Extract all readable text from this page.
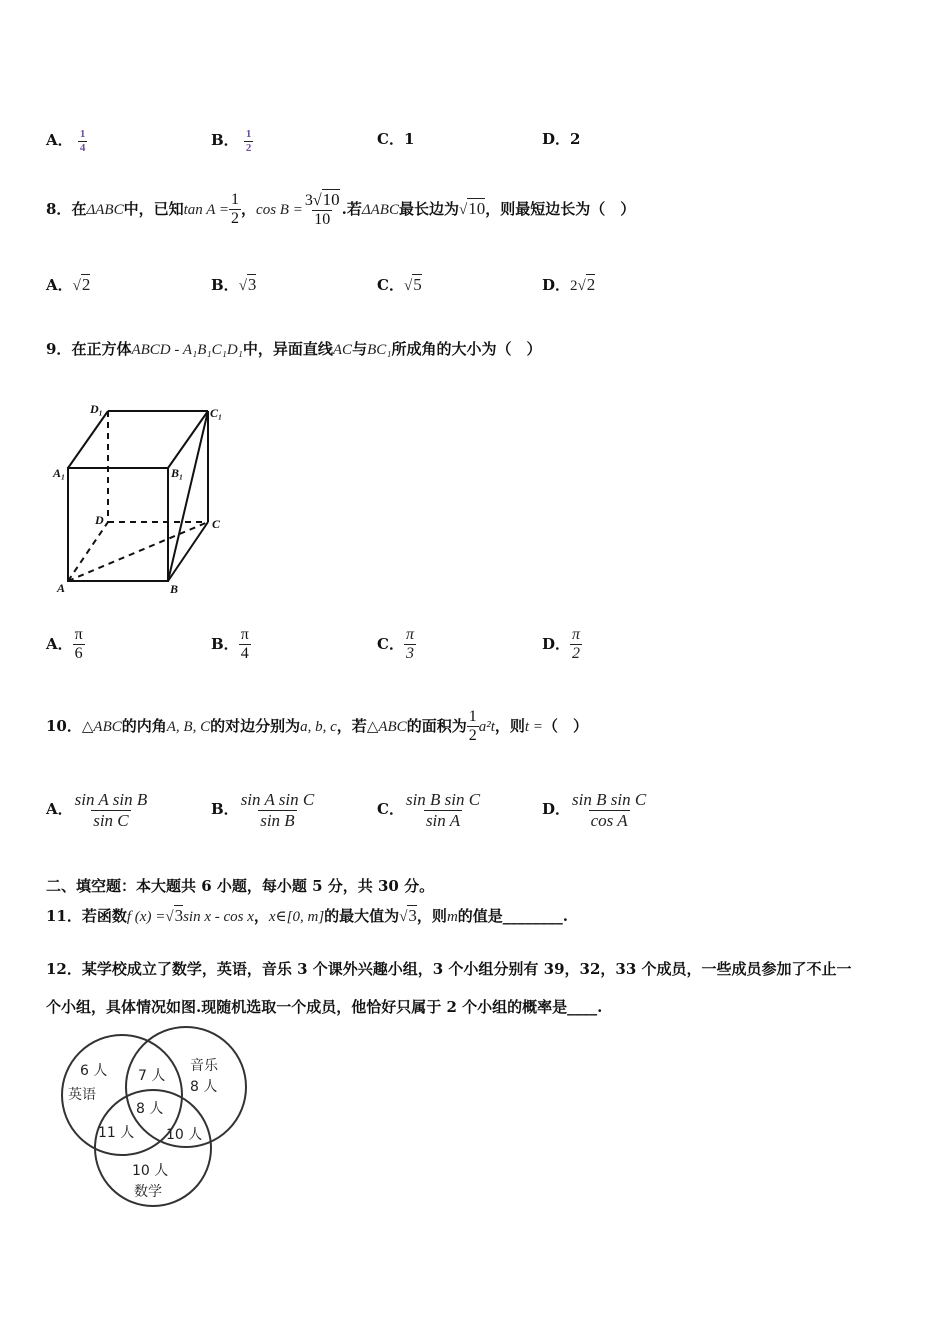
A． $\frac{1}{4}$	B． $\frac{1}{2}$	C．1	D．2
8．在ΔABC中，已知$\tan A = \frac{1}{2}$ ，$\cos B = \frac{3√10}{10}$ .若ΔABC最长边为√10，则最短边长为（　）
A．√2	B．√3	C．√5	D．2√2
9．在正方体ABCD - A₁B₁C₁D₁中，异面直线AC与BC₁所成角的大小为（　）
D₁	C₁
A₁	B₁
D	C
A	B
A． $\frac{\pi}{6}$	B． $\frac{\pi}{4}$	C． $\frac{\pi}{3}$	D． $\frac{\pi}{2}$
10．△ABC的内角A, B, C的对边分别为a, b, c，若△ABC的面积为 $\frac{1}{2} a^2t$，则t =（　）
A． $\frac{\text{sin A sin B}}{\text{sin C}}$	B． $\frac{\text{sin A sin C}}{\text{sin B}}$	C． $\frac{\text{sin B sin C}}{\text{sin A}}$	D． $\frac{\text{sin B sin C}}{\text{cos A}}$
二、填空题：本大题共 6 小题，每小题 5 分，共 30 分。
11．若函数f (x) =√3sin x - cos x，x∈[0, m]的最大值为√3，则m的值是________.
12．某学校成立了数学，英语，音乐 3 个课外兴趣小组，3 个小组分别有 39，32，33 个成员，一些成员参加了不止一
个小组，具体情况如图.现随机选取一个成员，他恰好只属于 2 个小组的概率是____.
6 人
英语
音乐
8 人
7 人
8 人
11 人 10 人
10 人
数学
